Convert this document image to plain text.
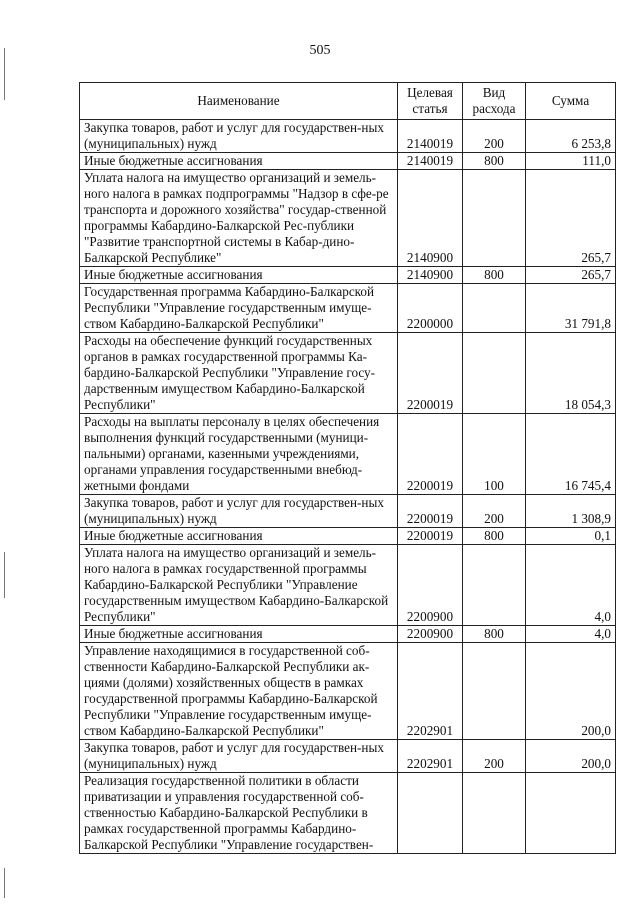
505
Наименование	Целевая статья	Вид расхода	Сумма
Закупка товаров, работ и услуг для государствен-ных (муниципальных) нужд	2140019	200	6 253,8
Иные бюджетные ассигнования	2140019	800	111,0
Уплата налога на имущество организаций и земель-ного налога в рамках подпрограммы "Надзор в сфе-ре транспорта и дорожного хозяйства" государ-ственной программы Кабардино-Балкарской Рес-публики "Развитие транспортной системы в Кабар-дино-Балкарской Республике"	2140900		265,7
Иные бюджетные ассигнования	2140900	800	265,7
Государственная программа Кабардино-Балкарской Республики "Управление государственным имуще-ством Кабардино-Балкарской Республики"	2200000		31 791,8
Расходы на обеспечение функций государственных органов в рамках государственной программы Ка-бардино-Балкарской Республики "Управление госу-дарственным имуществом Кабардино-Балкарской Республики"	2200019		18 054,3
Расходы на выплаты персоналу в целях обеспечения выполнения функций государственными (муници-пальными) органами, казенными учреждениями, органами управления государственными внебюд-жетными фондами	2200019	100	16 745,4
Закупка товаров, работ и услуг для государствен-ных (муниципальных) нужд	2200019	200	1 308,9
Иные бюджетные ассигнования	2200019	800	0,1
Уплата налога на имущество организаций и земель-ного налога в рамках государственной программы Кабардино-Балкарской Республики "Управление государственным имуществом Кабардино-Балкарской Республики"	2200900		4,0
Иные бюджетные ассигнования	2200900	800	4,0
Управление находящимися в государственной соб-ственности Кабардино-Балкарской Республики ак-циями (долями) хозяйственных обществ в рамках государственной программы Кабардино-Балкарской Республики "Управление государственным имуще-ством Кабардино-Балкарской Республики"	2202901		200,0
Закупка товаров, работ и услуг для государствен-ных (муниципальных) нужд	2202901	200	200,0
Реализация государственной политики в области приватизации и управления государственной соб-ственностью Кабардино-Балкарской Республики в рамках государственной программы Кабардино-Балкарской Республики "Управление государствен-			
